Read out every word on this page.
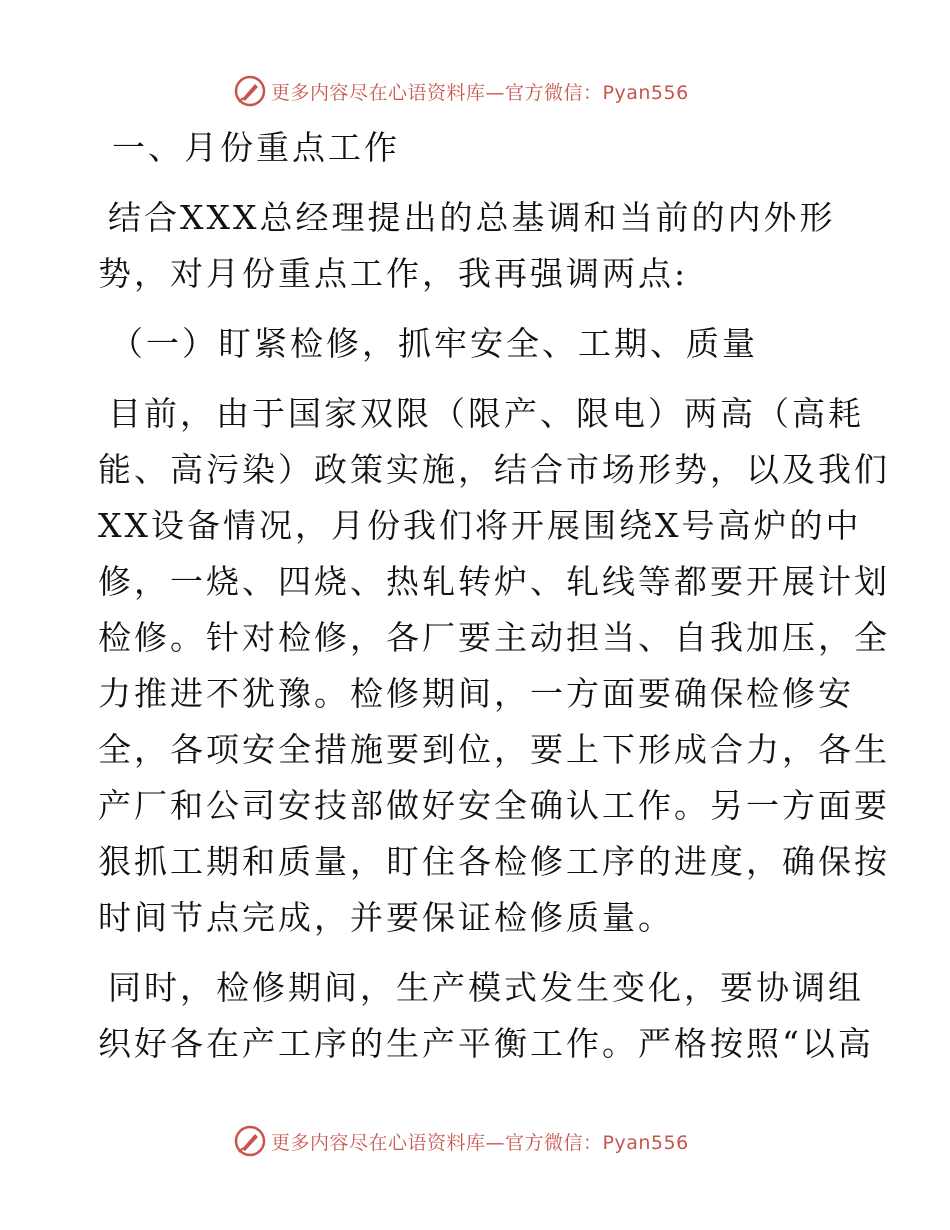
更多内容尽在心语资料库—官方微信：Pyan556
一、月份重点工作
结合XXX总经理提出的总基调和当前的内外形
势，对月份重点工作，我再强调两点:
（一）盯紧检修，抓牢安全、工期、质量
目前，由于国家双限（限产、限电）两高（高耗
能、高污染）政策实施，结合市场形势，以及我们
XX设备情况，月份我们将开展围绕X号高炉的中
修，一烧、四烧、热轧转炉、轧线等都要开展计划
检修。针对检修，各厂要主动担当、自我加压，全
力推进不犹豫。检修期间，一方面要确保检修安
全，各项安全措施要到位，要上下形成合力，各生
产厂和公司安技部做好安全确认工作。另一方面要
狠抓工期和质量，盯住各检修工序的进度，确保按
时间节点完成，并要保证检修质量。
同时，检修期间，生产模式发生变化，要协调组
织好各在产工序的生产平衡工作。严格按照“以高
更多内容尽在心语资料库—官方微信：Pyan556
